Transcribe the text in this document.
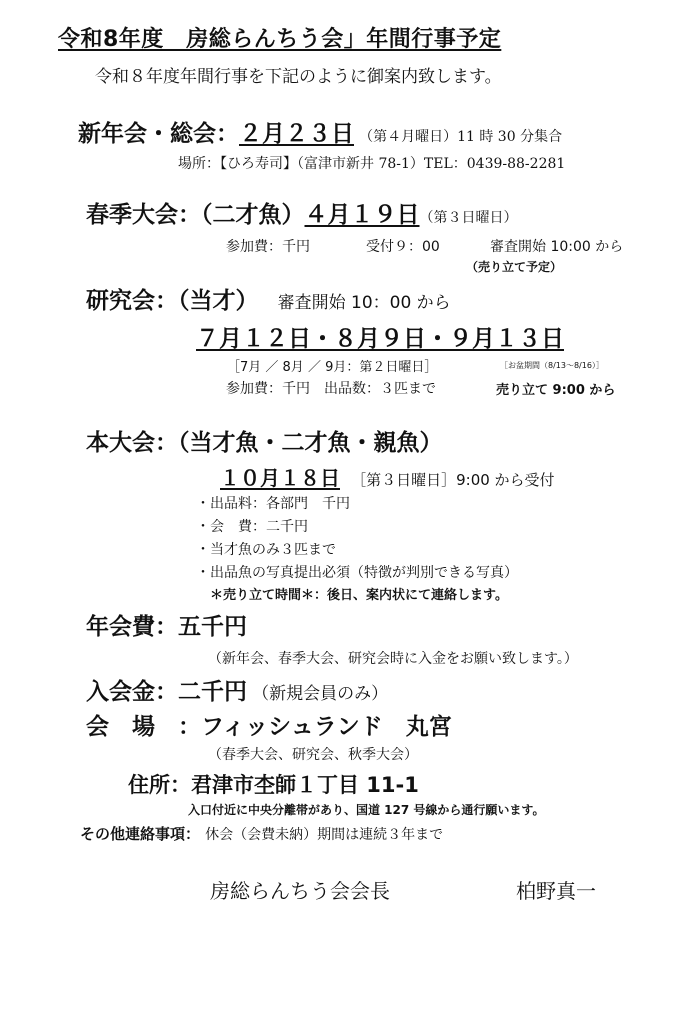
令和8年度　房総らんちう会」年間行事予定
令和８年度年間行事を下記のように御案内致します。
新年会・総会：２月２３日 （第４月曜日）11 時 30 分集合
場所：【ひろ寿司】（富津市新井 78-1）TEL：0439-88-2281
春季大会：（二才魚）４月１９日（第３日曜日）
参加費：千円	受付９：00	審査開始 10:00 から
（売り立て予定）
研究会：（当才） 審査開始 10：00 から
７月１２日・８月９日・９月１３日
［7月 ／ 8月 ／ 9月：第２日曜日］	［お盆期間（8/13～8/16）］
参加費：千円　出品数：３匹まで	売り立て 9:00 から
本大会：（当才魚・二才魚・親魚）
１０月１８日 ［第３日曜日］9:00 から受付
・出品料：各部門　千円
・会　費：二千円
・当才魚のみ３匹まで
・出品魚の写真提出必須（特徴が判別できる写真）
＊売り立て時間＊：後日、案内状にて連絡します。
年会費：五千円
（新年会、春季大会、研究会時に入金をお願い致します。）
入会金：二千円 （新規会員のみ）
会　場　：フィッシュランド　丸宮
（春季大会、研究会、秋季大会）
住所：君津市杢師１丁目 11-1
入口付近に中央分離帯があり、国道 127 号線から通行願います。
その他連絡事項： 休会（会費未納）期間は連続３年まで
房総らんちう会会長	柏野真一
